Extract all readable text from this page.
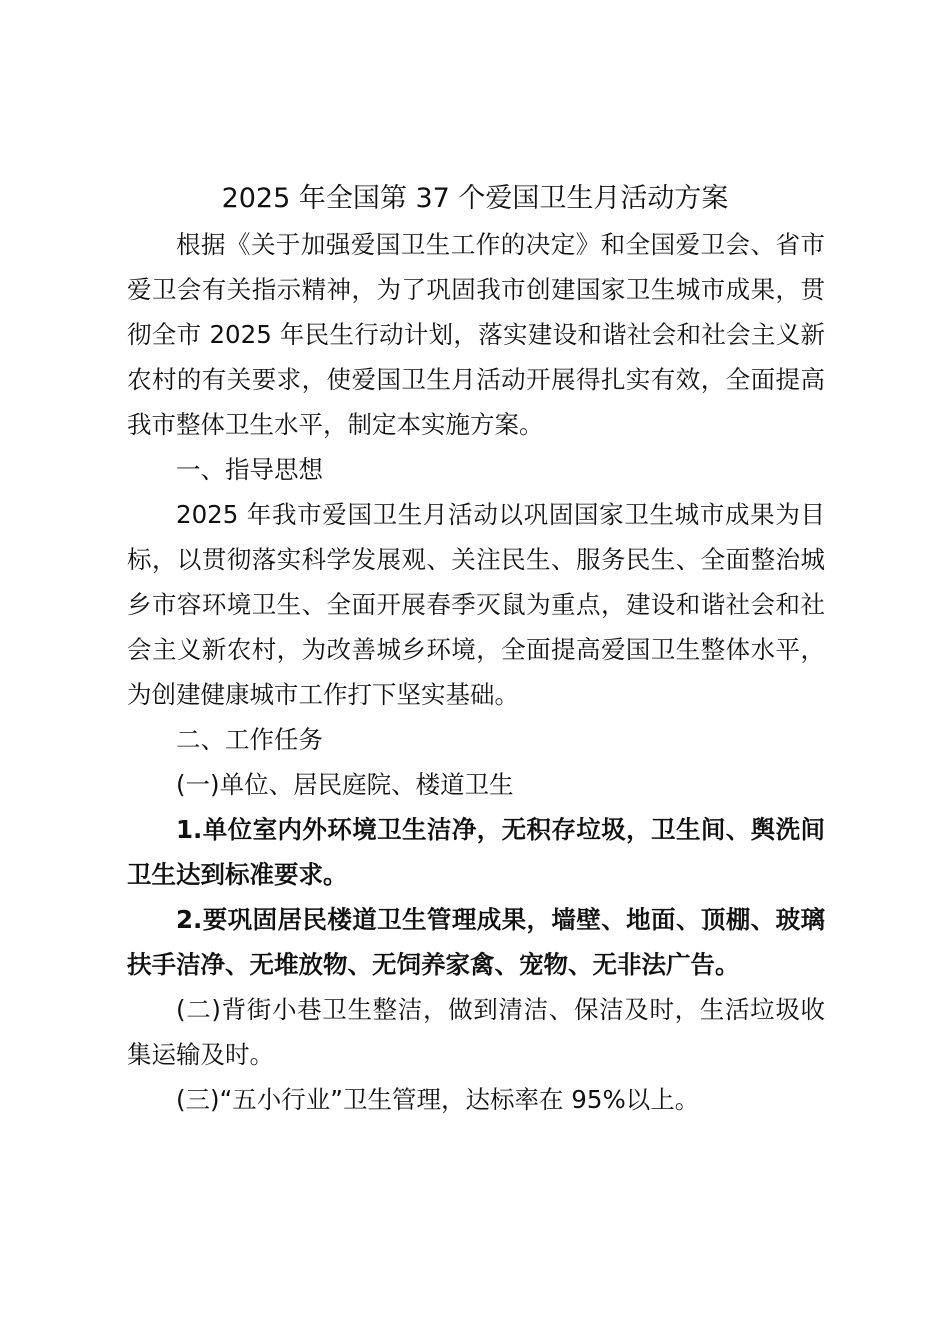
2025 年全国第 37 个爱国卫生月活动方案

根据《关于加强爱国卫生工作的决定》和全国爱卫会、省市爱卫会有关指示精神，为了巩固我市创建国家卫生城市成果，贯彻全市 2025 年民生行动计划，落实建设和谐社会和社会主义新农村的有关要求，使爱国卫生月活动开展得扎实有效，全面提高我市整体卫生水平，制定本实施方案。

一、指导思想

2025 年我市爱国卫生月活动以巩固国家卫生城市成果为目标，以贯彻落实科学发展观、关注民生、服务民生、全面整治城乡市容环境卫生、全面开展春季灭鼠为重点，建设和谐社会和社会主义新农村，为改善城乡环境，全面提高爱国卫生整体水平，为创建健康城市工作打下坚实基础。

二、工作任务

(一)单位、居民庭院、楼道卫生

1.单位室内外环境卫生洁净，无积存垃圾，卫生间、舆洗间卫生达到标准要求。

2.要巩固居民楼道卫生管理成果，墙壁、地面、顶棚、玻璃扶手洁净、无堆放物、无饲养家禽、宠物、无非法广告。

(二)背街小巷卫生整洁，做到清洁、保洁及时，生活垃圾收集运输及时。

(三)“五小行业”卫生管理，达标率在 95%以上。
